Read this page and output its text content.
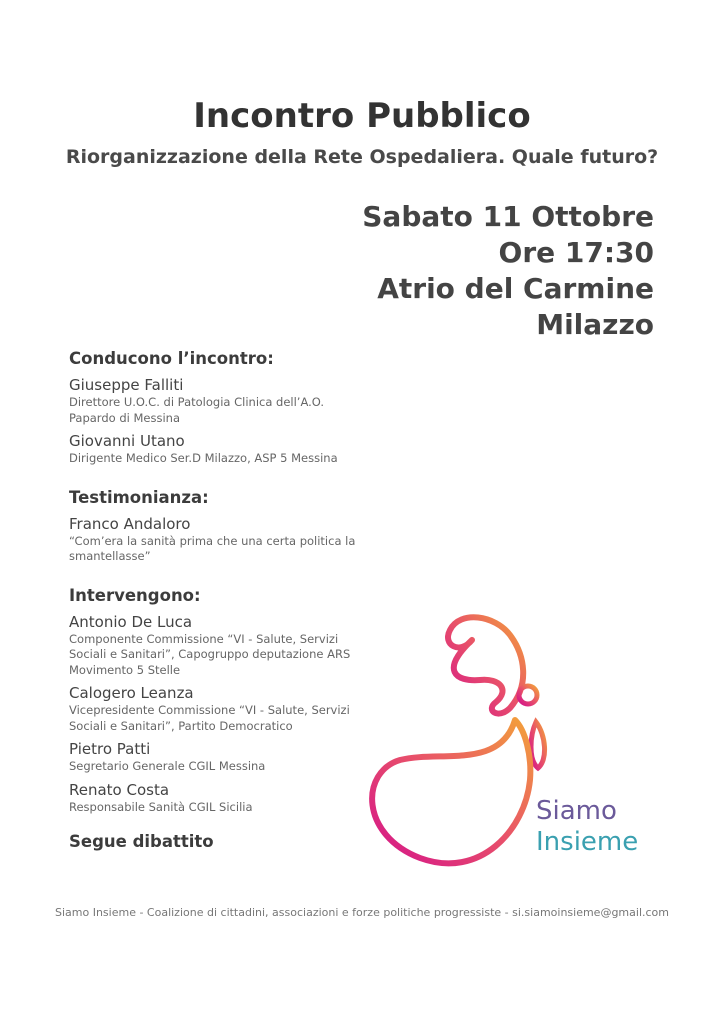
Incontro Pubblico
Riorganizzazione della Rete Ospedaliera. Quale futuro?
Sabato 11 Ottobre
Ore 17:30
Atrio del Carmine
Milazzo
Conducono l’incontro:
Giuseppe Falliti
Direttore U.O.C. di Patologia Clinica dell’A.O. Papardo di Messina
Giovanni Utano
Dirigente Medico Ser.D Milazzo, ASP 5 Messina
Testimonianza:
Franco Andaloro
“Com’era la sanità prima che una certa politica la smantellasse”
Intervengono:
Antonio De Luca
Componente Commissione “VI - Salute, Servizi Sociali e Sanitari”, Capogruppo deputazione ARS Movimento 5 Stelle
Calogero Leanza
Vicepresidente Commissione “VI - Salute, Servizi Sociali e Sanitari”, Partito Democratico
Pietro Patti
Segretario Generale CGIL Messina
Renato Costa
Responsabile Sanità CGIL Sicilia
Segue dibattito
Siamo
Insieme
Siamo Insieme - Coalizione di cittadini, associazioni e forze politiche progressiste - si.siamoinsieme@gmail.com
